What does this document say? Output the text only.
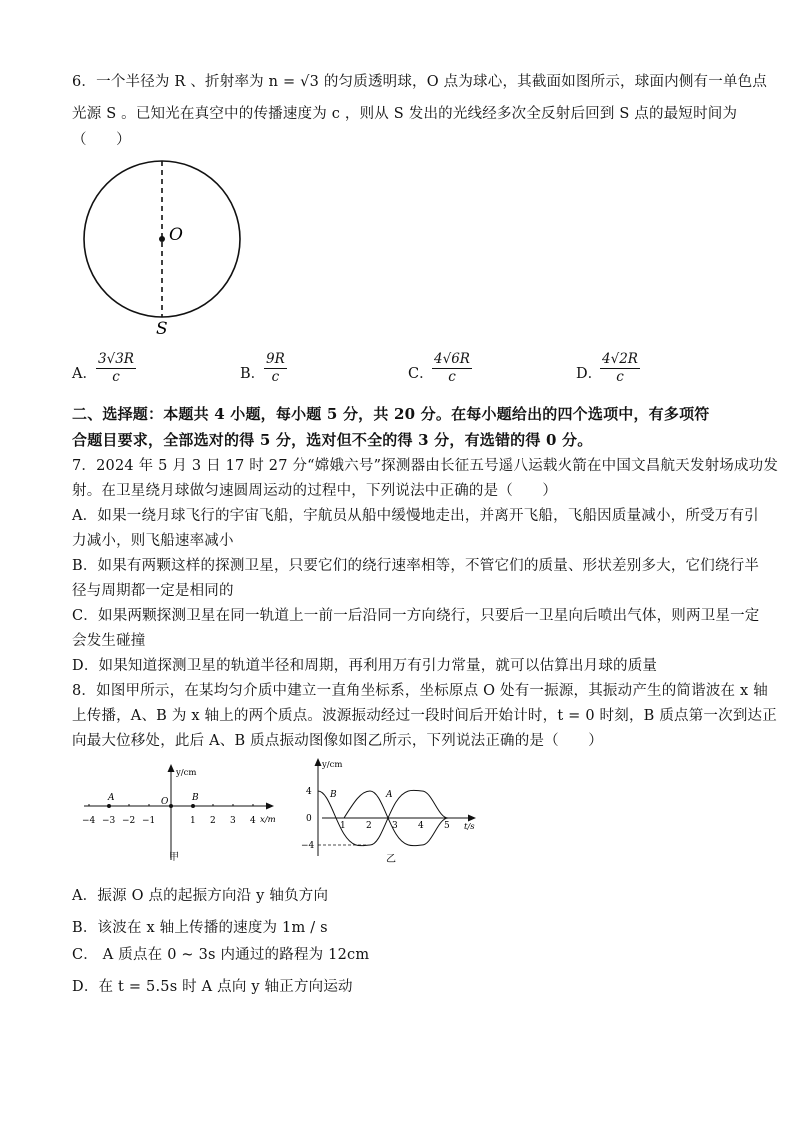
6．一个半径为 R 、折射率为 n = √3 的匀质透明球，O 点为球心，其截面如图所示，球面内侧有一单色点
光源 S 。已知光在真空中的传播速度为 c ，则从 S 发出的光线经多次全反射后回到 S 点的最短时间为
（　　）
O
S
A． $\frac{3√3R}{c}$	B．
$\frac{9R}{c}$	C．
$\frac{4√6R}{c}$	D．
$\frac{4√2R}{c}$
二、选择题：本题共 4 小题，每小题 5 分，共 20 分。在每小题给出的四个选项中，有多项符
合题目要求，全部选对的得 5 分，选对但不全的得 3 分，有选错的得 0 分。
7．2024 年 5 月 3 日 17 时 27 分“嫦娥六号”探测器由长征五号遥八运载火箭在中国文昌航天发射场成功发
射。在卫星绕月球做匀速圆周运动的过程中，下列说法中正确的是（　　）
A．如果一绕月球飞行的宇宙飞船，宇航员从船中缓慢地走出，并离开飞船，飞船因质量减小，所受万有引
力减小，则飞船速率减小
B．如果有两颗这样的探测卫星，只要它们的绕行速率相等，不管它们的质量、形状差别多大，它们绕行半
径与周期都一定是相同的
C．如果两颗探测卫星在同一轨道上一前一后沿同一方向绕行，只要后一卫星向后喷出气体，则两卫星一定
会发生碰撞
D．如果知道探测卫星的轨道半径和周期，再利用万有引力常量，就可以估算出月球的质量
8．如图甲所示，在某均匀介质中建立一直角坐标系，坐标原点 O 处有一振源，其振动产生的简谐波在 x 轴
上传播，A、B 为 x 轴上的两个质点。波源振动经过一段时间后开始计时，t = 0 时刻，B 质点第一次到达正
向最大位移处，此后 A、B 质点振动图像如图乙所示，下列说法正确的是（　　）
y/cm
x/m
−4 −3 −2 −1	1 2 3 4
A	O	B
甲
y/cm
t/s
4
0
−4
1 2 3 4 5
B	A
乙
A．振源 O 点的起振方向沿 y 轴负方向
B．该波在 x 轴上传播的速度为 1m / s
C． A 质点在 0 ~ 3s 内通过的路程为 12cm
D．在 t = 5.5s 时 A 点向 y 轴正方向运动
